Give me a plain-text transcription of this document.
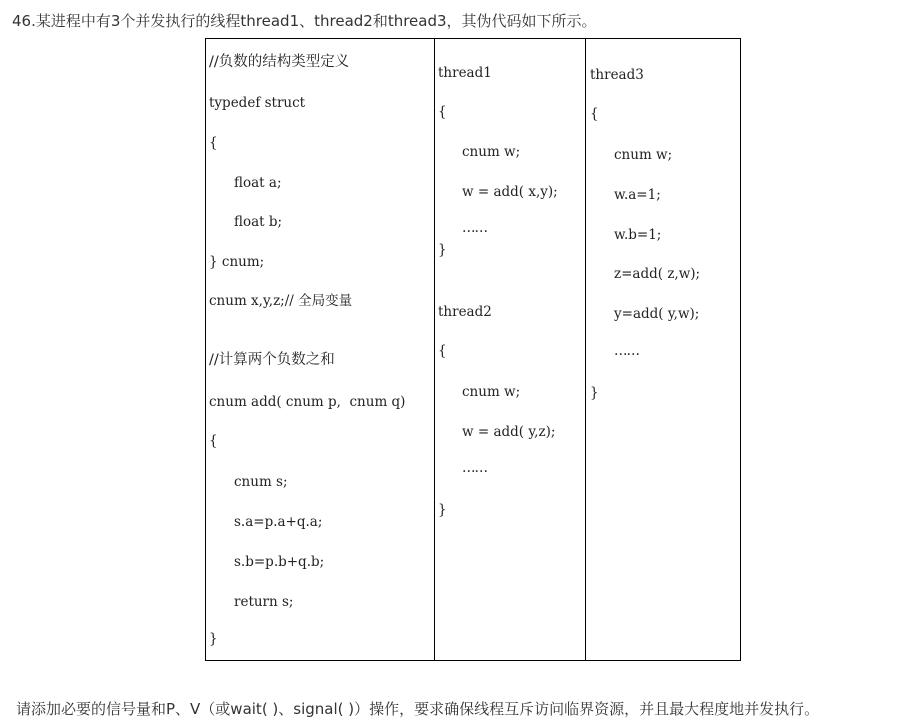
46.某进程中有3个并发执行的线程thread1、thread2和thread3，其伪代码如下所示。
//负数的结构类型定义
typedef struct
{
float a;
float b;
} cnum;
cnum x,y,z;// 全局变量
//计算两个负数之和
cnum add( cnum p,  cnum q)
{
cnum s;
s.a=p.a+q.a;
s.b=p.b+q.b;
return s;
}
thread1
{
cnum w;
w = add( x,y);
……
}
thread2
{
cnum w;
w = add( y,z);
……
}
thread3
{
cnum w;
w.a=1;
w.b=1;
z=add( z,w);
y=add( y,w);
……
}
请添加必要的信号量和P、V（或wait( )、signal( )）操作，要求确保线程互斥访问临界资源，并且最大程度地并发执行。
